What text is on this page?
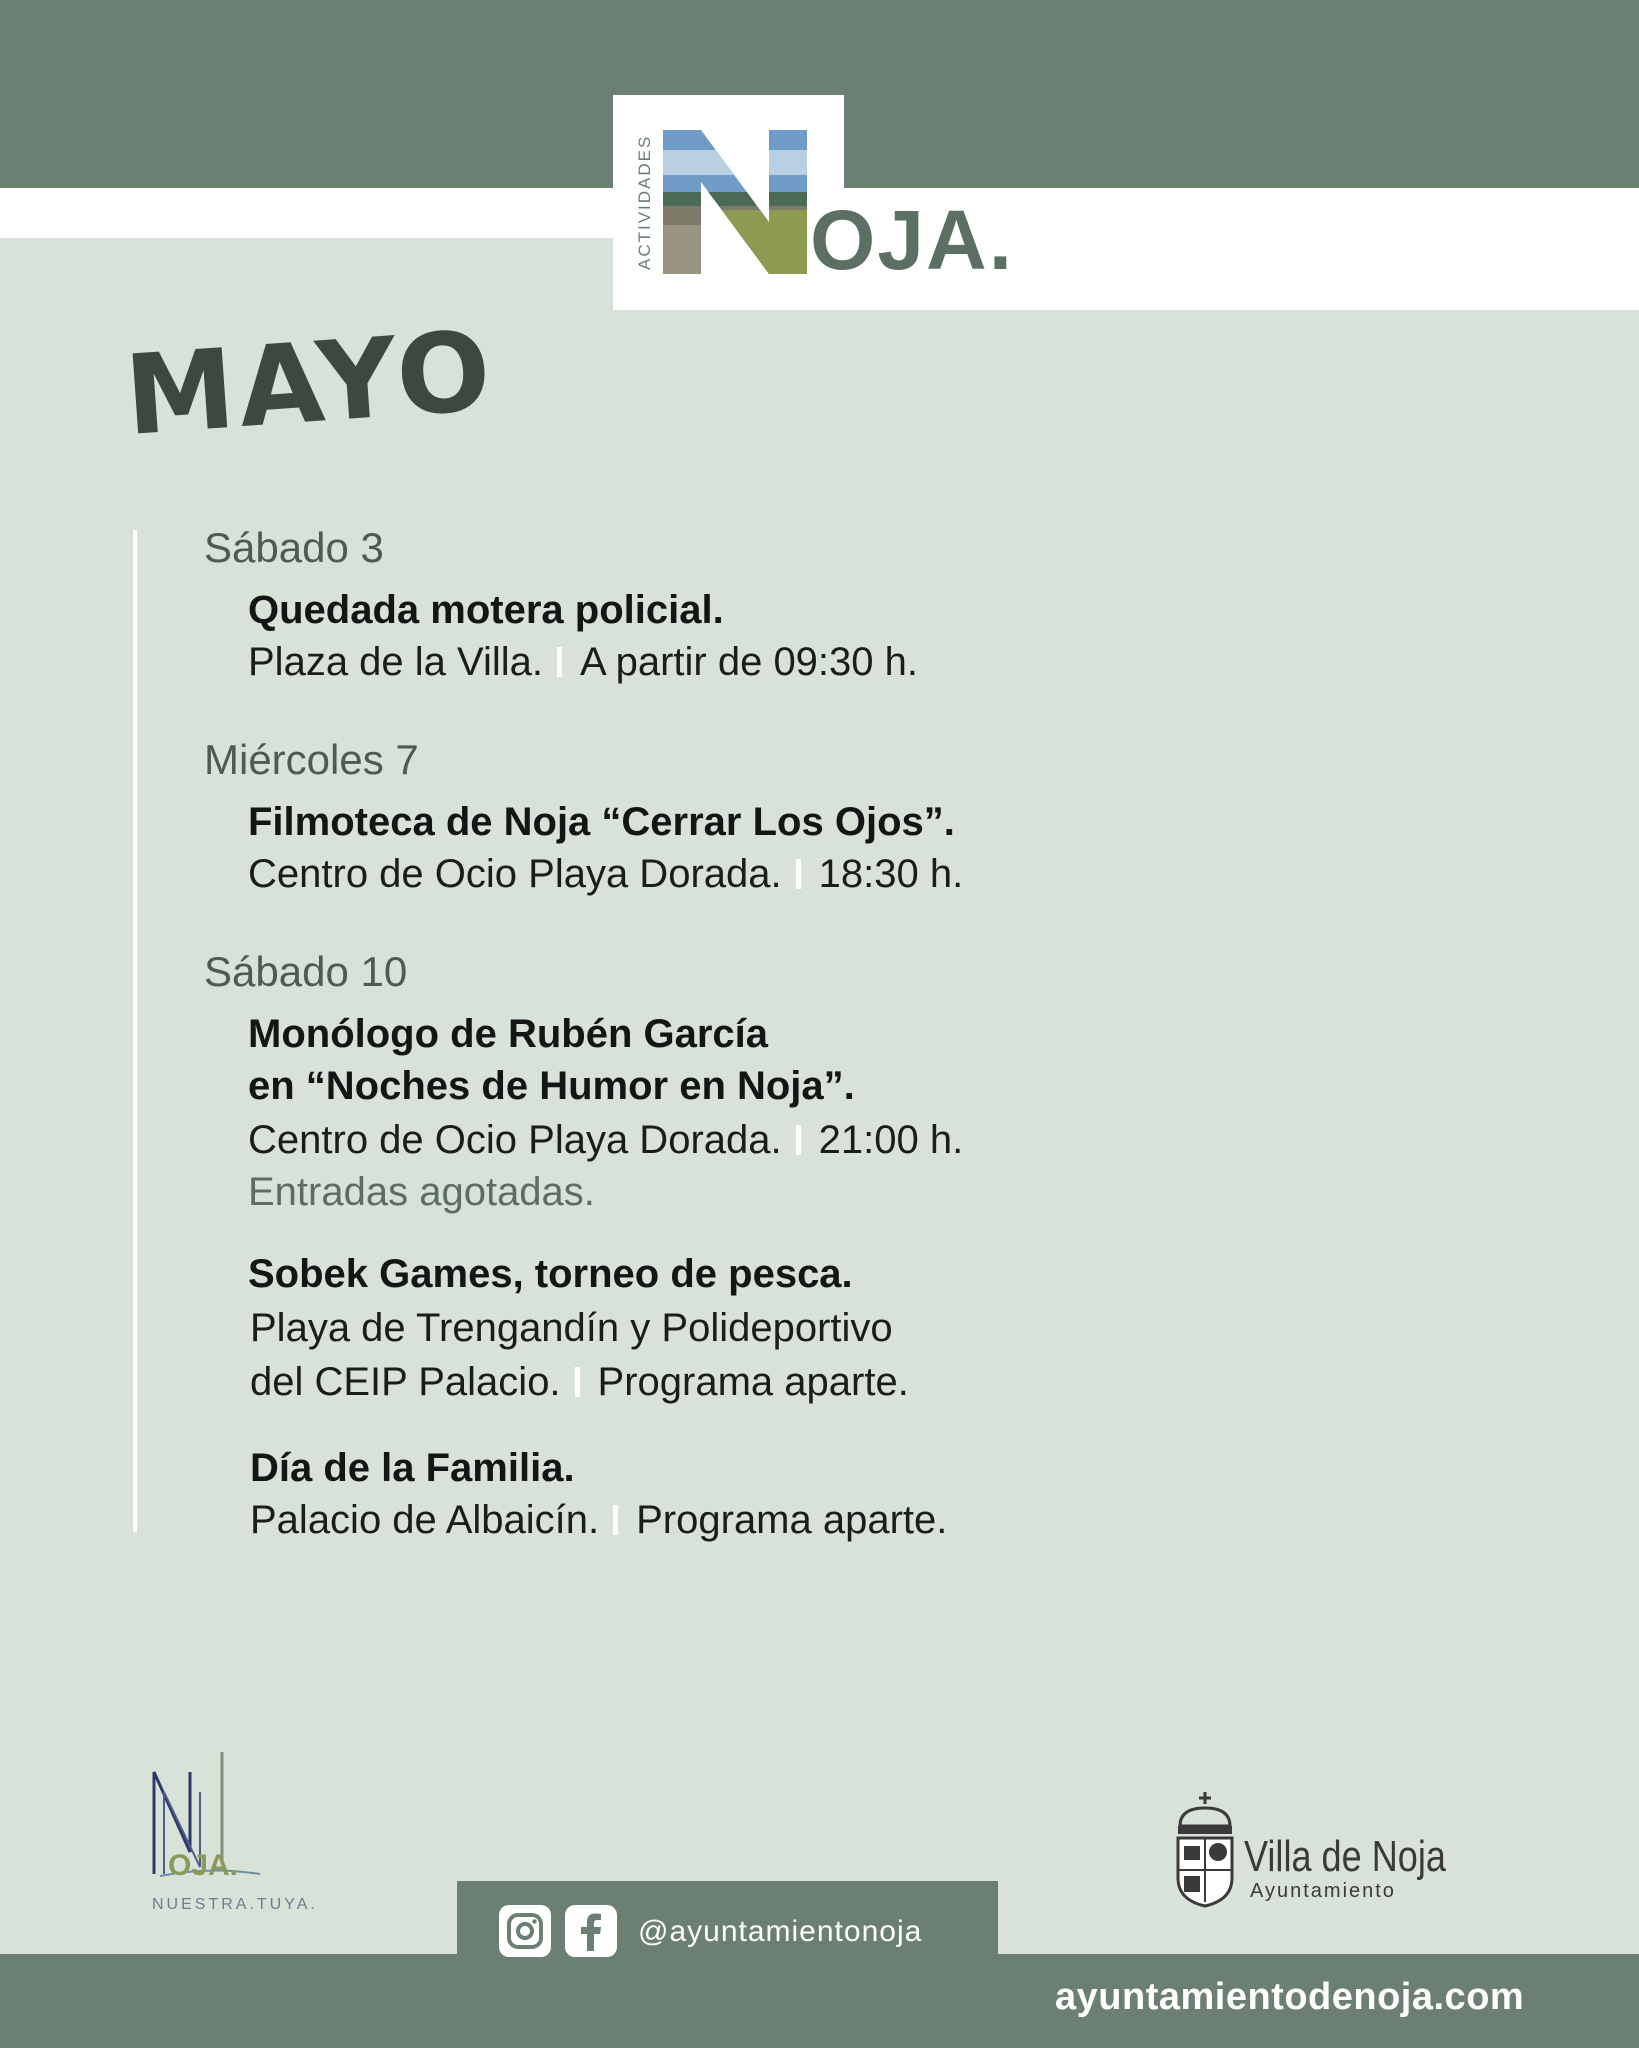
ACTIVIDADES OJA.
MAYO
Sábado 3
Quedada motera policial.
Plaza de la Villa. A partir de 09:30 h.
Miércoles 7
Filmoteca de Noja “Cerrar Los Ojos”.
Centro de Ocio Playa Dorada. 18:30 h.
Sábado 10
Monólogo de Rubén García
en “Noches de Humor en Noja”.
Centro de Ocio Playa Dorada. 21:00 h.
Entradas agotadas.
Sobek Games, torneo de pesca.
Playa de Trengandín y Polideportivo
del CEIP Palacio. Programa aparte.
Día de la Familia.
Palacio de Albaicín. Programa aparte.
OJA.
NUESTRA.TUYA.
Villa de Noja
Ayuntamiento
@ayuntamientonoja
ayuntamientodenoja.com
